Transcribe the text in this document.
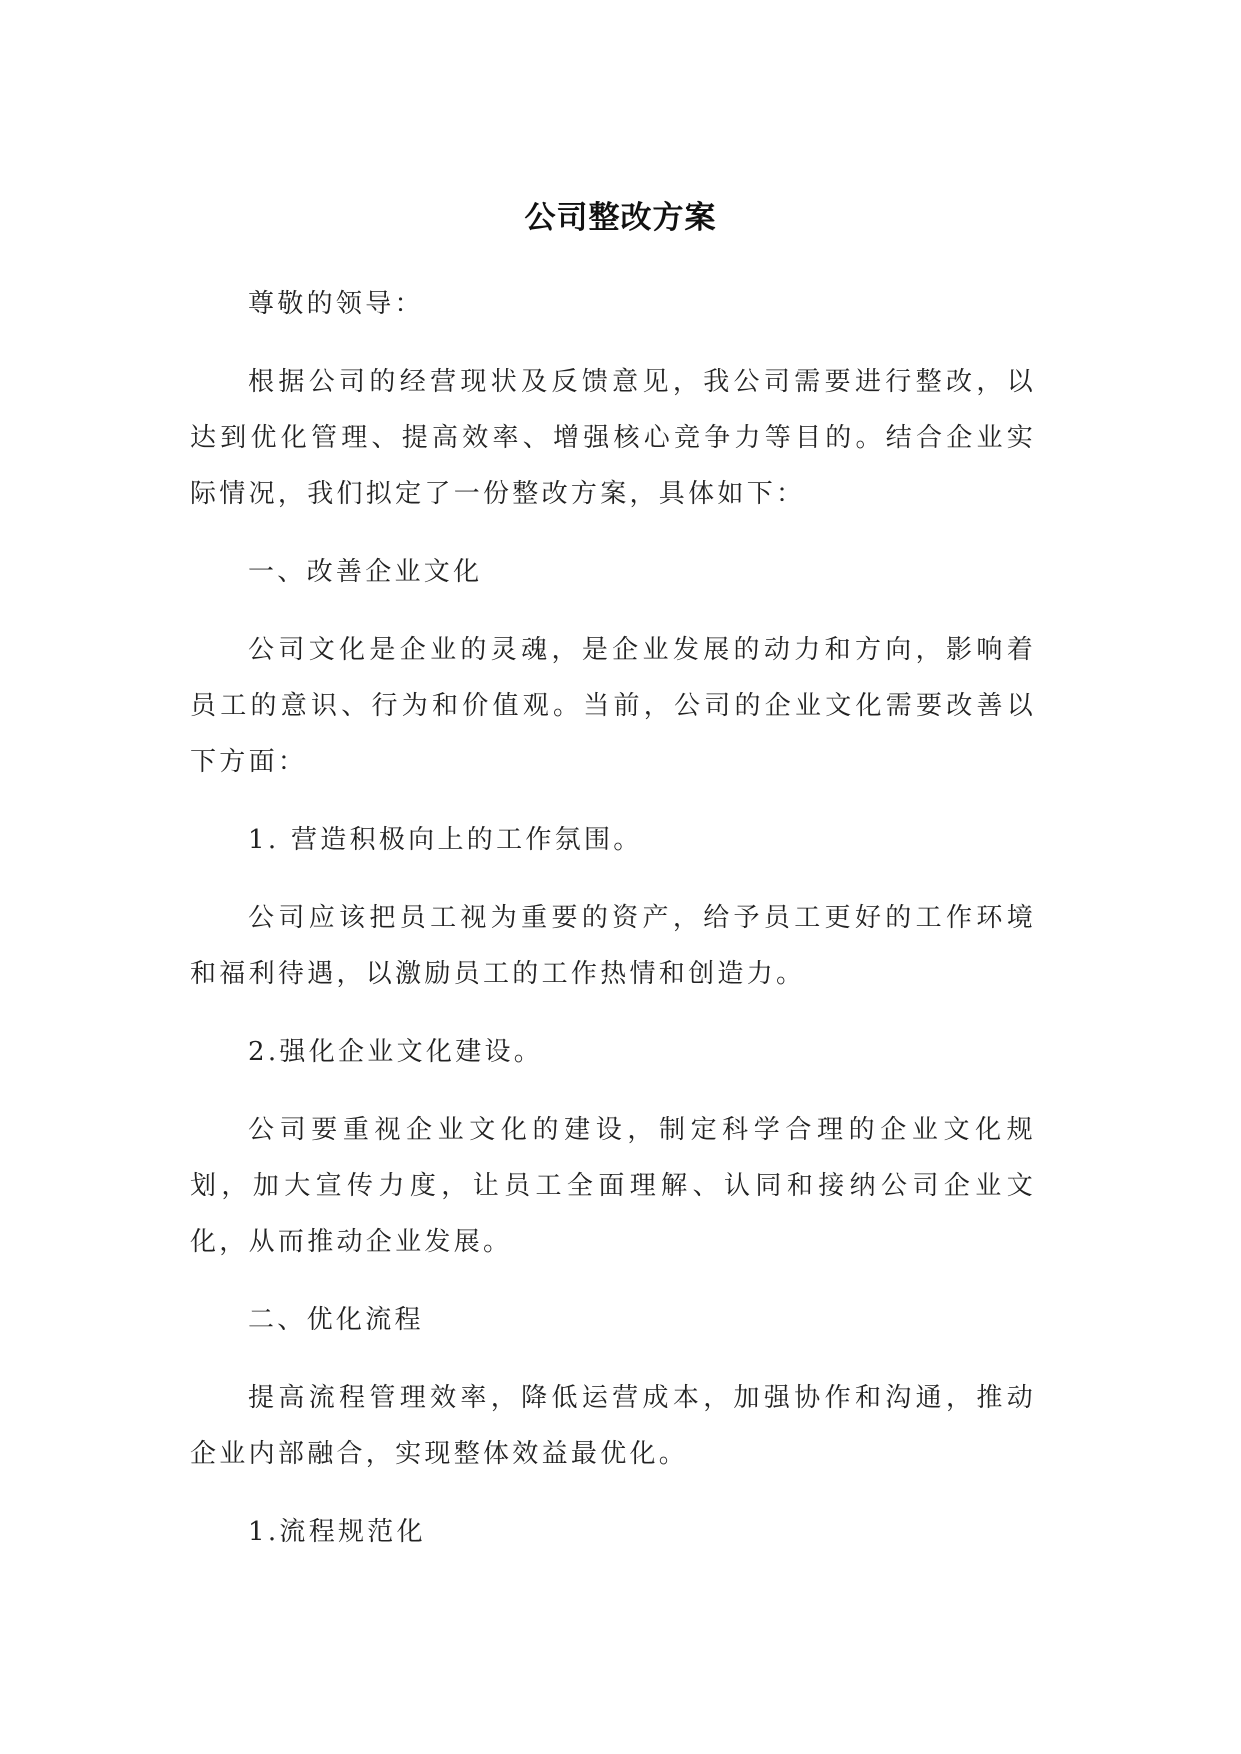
公司整改方案

尊敬的领导：

根据公司的经营现状及反馈意见，我公司需要进行整改，以达到优化管理、提高效率、增强核心竞争力等目的。结合企业实际情况，我们拟定了一份整改方案，具体如下：

一、改善企业文化

公司文化是企业的灵魂，是企业发展的动力和方向，影响着员工的意识、行为和价值观。当前，公司的企业文化需要改善以下方面：

1. 营造积极向上的工作氛围。

公司应该把员工视为重要的资产，给予员工更好的工作环境和福利待遇，以激励员工的工作热情和创造力。

2.强化企业文化建设。

公司要重视企业文化的建设，制定科学合理的企业文化规划，加大宣传力度，让员工全面理解、认同和接纳公司企业文化，从而推动企业发展。

二、优化流程

提高流程管理效率，降低运营成本，加强协作和沟通，推动企业内部融合，实现整体效益最优化。

1.流程规范化
